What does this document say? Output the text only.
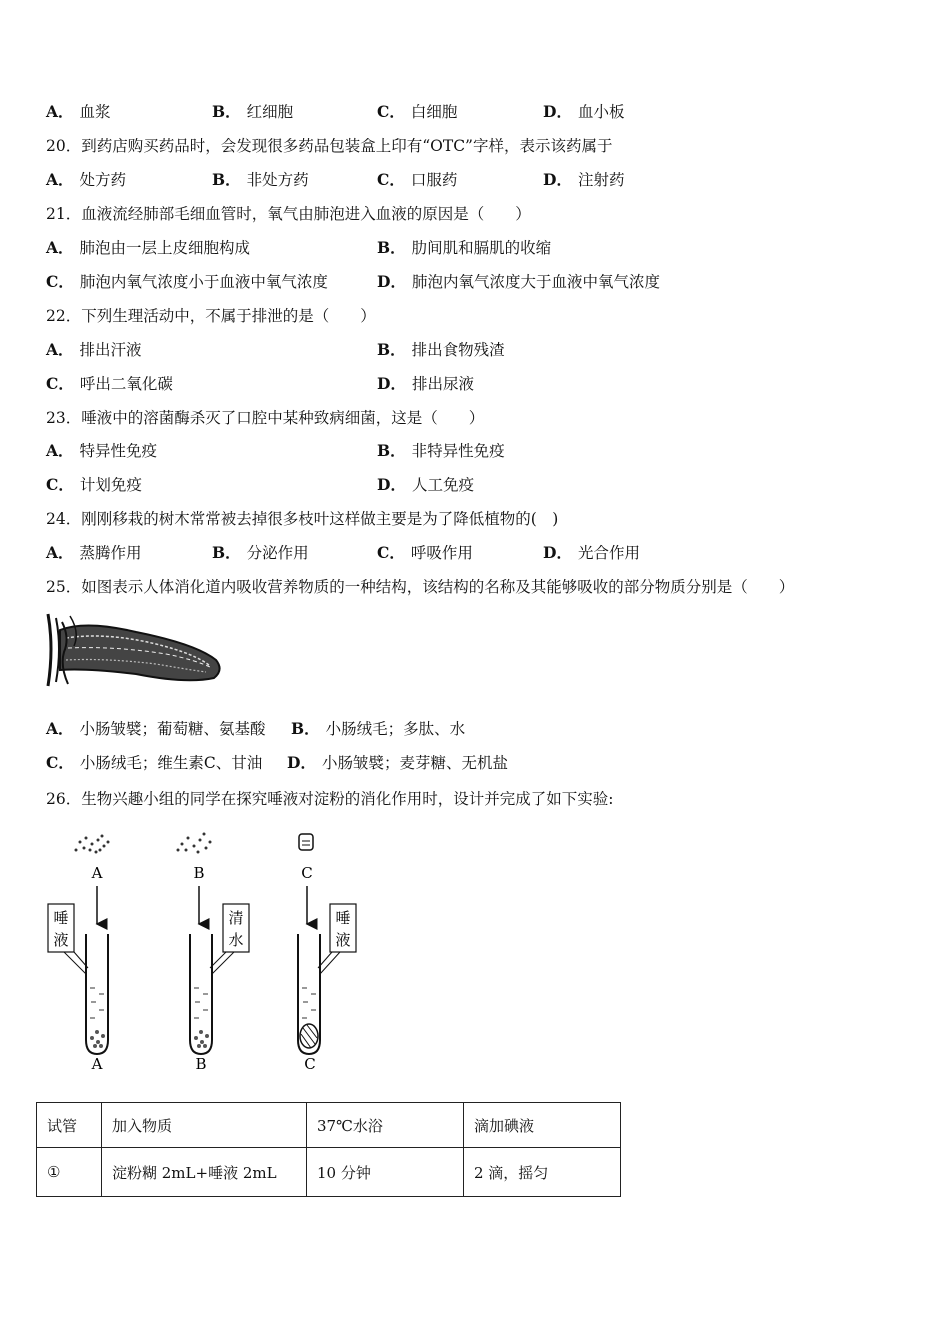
A． 血浆	B． 红细胞	C． 白细胞	D． 血小板
20．到药店购买药品时，会发现很多药品包装盒上印有“OTC”字样，表示该药属于
A． 处方药	B． 非处方药	C． 口服药	D． 注射药
21．血液流经肺部毛细血管时，氧气由肺泡进入血液的原因是（　　）
A． 肺泡由一层上皮细胞构成	B． 肋间肌和膈肌的收缩
C． 肺泡内氧气浓度小于血液中氧气浓度	D． 肺泡内氧气浓度大于血液中氧气浓度
22．下列生理活动中，不属于排泄的是（　　）
A． 排出汗液	B． 排出食物残渣
C． 呼出二氧化碳	D． 排出尿液
23．唾液中的溶菌酶杀灭了口腔中某种致病细菌，这是（　　）
A． 特异性免疫	B． 非特异性免疫
C． 计划免疫	D． 人工免疫
24．刚刚移栽的树木常常被去掉很多枝叶这样做主要是为了降低植物的(　)
A． 蒸腾作用	B． 分泌作用	C． 呼吸作用	D． 光合作用
25．如图表示人体消化道内吸收营养物质的一种结构，该结构的名称及其能够吸收的部分物质分别是（　　）
A． 小肠皱襞；葡萄糖、氨基酸 B． 小肠绒毛；多肽、水
C． 小肠绒毛；维生素C、甘油 D． 小肠皱襞；麦芽糖、无机盐
26．生物兴趣小组的同学在探究唾液对淀粉的消化作用时，设计并完成了如下实验:
A
唾
液
A
B
清
水
B
C
唾
液
C
试管	加入物质	37℃水浴	滴加碘液
①	淀粉糊 2mL+唾液 2mL	10 分钟	2 滴，摇匀
